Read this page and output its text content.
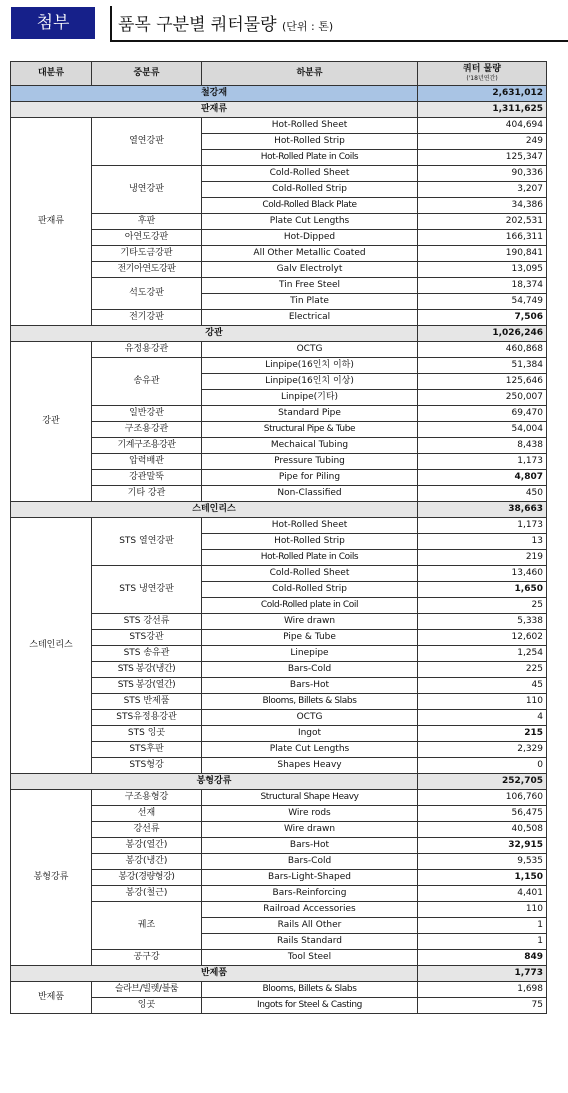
첨부	품목 구분별 쿼터물량 (단위 : 톤)
대분류	중분류	하분류	쿼터 물량
('18년연간)

철강재			2,631,012
판재류			1,311,625
판재류	열연강판	Hot-Rolled Sheet	404,694
		Hot-Rolled Strip	249
		Hot-Rolled Plate in Coils	125,347
	냉연강판	Cold-Rolled Sheet	90,336
		Cold-Rolled Strip	3,207
		Cold-Rolled Black Plate	34,386
	후판	Plate Cut Lengths	202,531
	아연도강판	Hot-Dipped	166,311
	기타도금강판	All Other Metallic Coated	190,841
	전기아연도강판	Galv Electrolyt	13,095
	석도강판	Tin Free Steel	18,374
		Tin Plate	54,749
	전기강판	Electrical	7,506
강관			1,026,246
강관	유정용강관	OCTG	460,868
	송유관	Linpipe(16인치 이하)	51,384
		Linpipe(16인치 이상)	125,646
		Linpipe(기타)	250,007
	일반강관	Standard Pipe	69,470
	구조용강관	Structural Pipe & Tube	54,004
	기계구조용강관	Mechaical Tubing	8,438
	압력배관	Pressure Tubing	1,173
	강관말뚝	Pipe for Piling	4,807
	기타 강관	Non-Classified	450
스테인리스			38,663
스테인리스	STS 열연강판	Hot-Rolled Sheet	1,173
		Hot-Rolled Strip	13
		Hot-Rolled Plate in Coils	219
	STS 냉연강판	Cold-Rolled Sheet	13,460
		Cold-Rolled Strip	1,650
		Cold-Rolled plate in Coil	25
	STS 강선류	Wire drawn	5,338
	STS강관	Pipe & Tube	12,602
	STS 송유관	Linepipe	1,254
	STS 봉강(냉간)	Bars-Cold	225
	STS 봉강(열간)	Bars-Hot	45
	STS 반제품	Blooms, Billets & Slabs	110
	STS유정용강관	OCTG	4
	STS 잉곳	Ingot	215
	STS후판	Plate Cut Lengths	2,329
	STS형강	Shapes Heavy	0
봉형강류			252,705
봉형강류	구조용형강	Structural Shape Heavy	106,760
	선재	Wire rods	56,475
	강선류	Wire drawn	40,508
	봉강(열간)	Bars-Hot	32,915
	봉강(냉간)	Bars-Cold	9,535
	봉강(경량형강)	Bars-Light-Shaped	1,150
	봉강(철근)	Bars-Reinforcing	4,401
	궤조	Railroad Accessories	110
		Rails All Other	1
		Rails Standard	1
	공구강	Tool Steel	849
반제품			1,773
반제품	슬라브/빌렛/블룸	Blooms, Billets & Slabs	1,698
	잉곳	Ingots for Steel & Casting	75
